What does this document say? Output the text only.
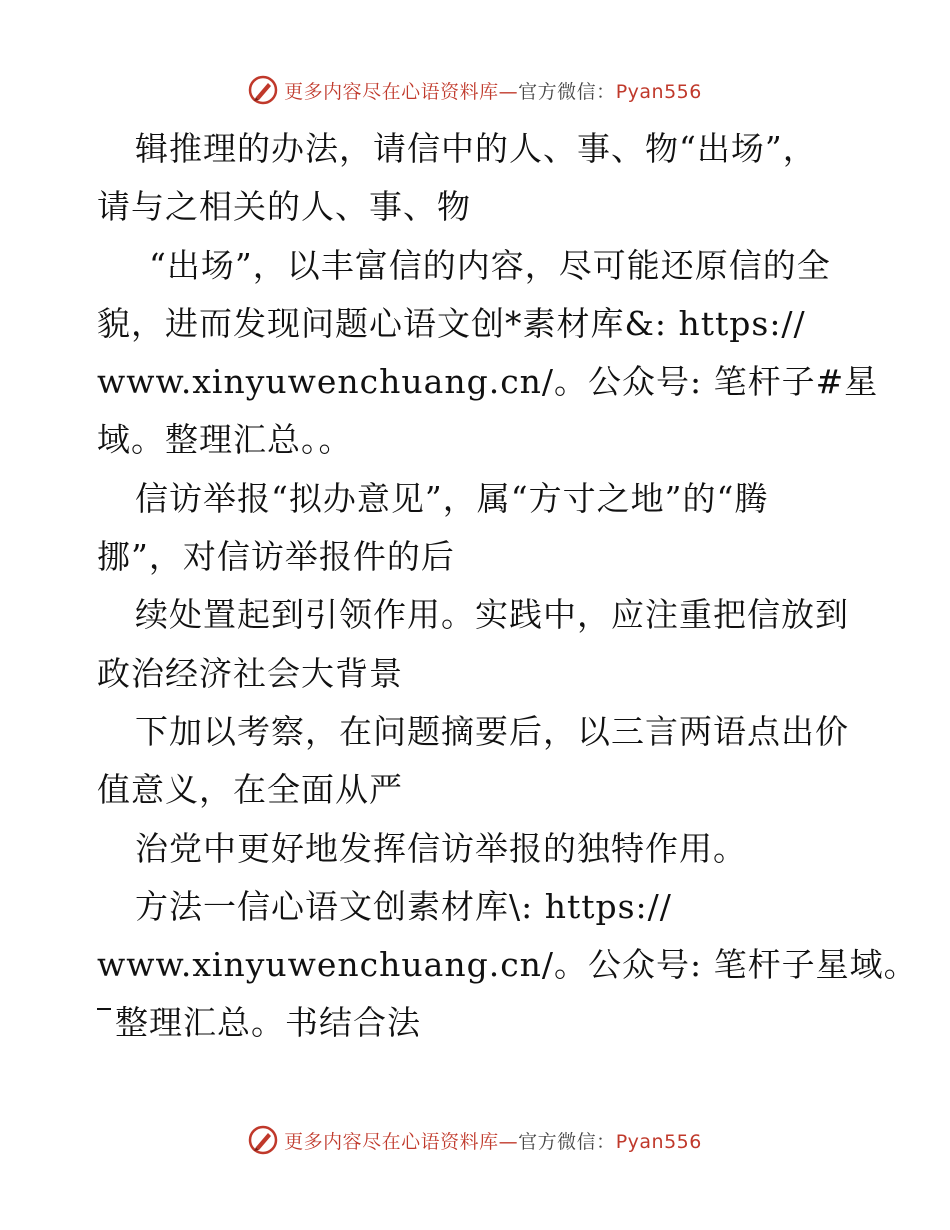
更多内容尽在心语资料库—官方微信：Pyan556
辑推理的办法，请信中的人、事、物“出场”，
请与之相关的人、事、物
“出场”，以丰富信的内容，尽可能还原信的全
貌，进而发现问题心语文创*素材库&: https://
www.xinyuwenchuang.cn/。公众号: 笔杆子#星
域。整理汇总。。
信访举报“拟办意见”，属“方寸之地”的“腾
挪”，对信访举报件的后
续处置起到引领作用。实践中，应注重把信放到
政治经济社会大背景
下加以考察，在问题摘要后，以三言两语点出价
值意义，在全面从严
治党中更好地发挥信访举报的独特作用。
方法一信心语文创素材库\: https://
www.xinyuwenchuang.cn/。公众号: 笔杆子星域。
整理汇总。书结合法
更多内容尽在心语资料库—官方微信：Pyan556
